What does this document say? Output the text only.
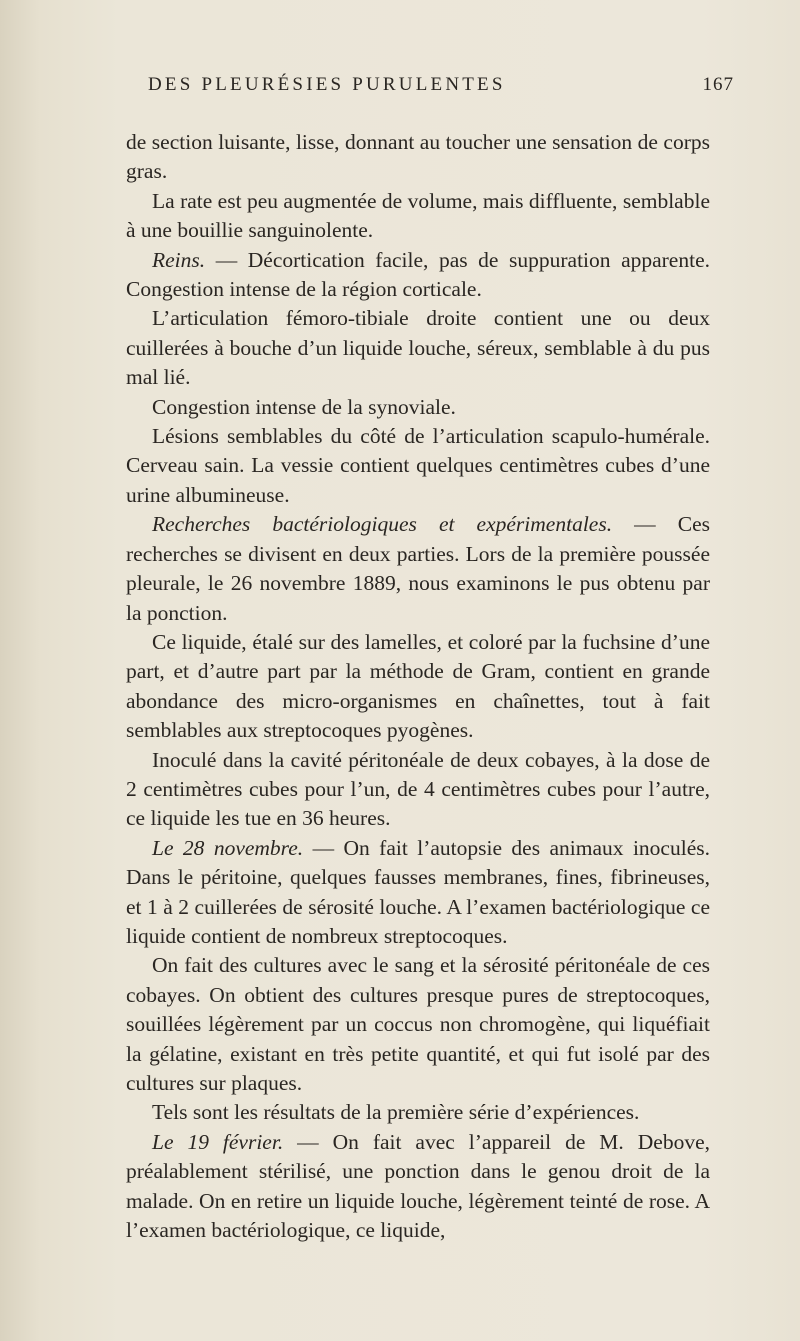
DES PLEURÉSIES PURULENTES	167

de section luisante, lisse, donnant au toucher une sensation de corps gras.

La rate est peu augmentée de volume, mais diffluente, semblable à une bouillie sanguinolente.

Reins. — Décortication facile, pas de suppuration apparente. Congestion intense de la région corticale.

L’articulation fémoro-tibiale droite contient une ou deux cuillerées à bouche d’un liquide louche, séreux, semblable à du pus mal lié.

Congestion intense de la synoviale.

Lésions semblables du côté de l’articulation scapulo-humérale. Cerveau sain. La vessie contient quelques centimètres cubes d’une urine albumineuse.

Recherches bactériologiques et expérimentales. — Ces recherches se divisent en deux parties. Lors de la première poussée pleurale, le 26 novembre 1889, nous examinons le pus obtenu par la ponction.

Ce liquide, étalé sur des lamelles, et coloré par la fuchsine d’une part, et d’autre part par la méthode de Gram, contient en grande abondance des micro-organismes en chaînettes, tout à fait semblables aux streptocoques pyogènes.

Inoculé dans la cavité péritonéale de deux cobayes, à la dose de 2 centimètres cubes pour l’un, de 4 centimètres cubes pour l’autre, ce liquide les tue en 36 heures.

Le 28 novembre. — On fait l’autopsie des animaux inoculés. Dans le péritoine, quelques fausses membranes, fines, fibrineuses, et 1 à 2 cuillerées de sérosité louche. A l’examen bactériologique ce liquide contient de nombreux streptocoques.

On fait des cultures avec le sang et la sérosité péritonéale de ces cobayes. On obtient des cultures presque pures de streptocoques, souillées légèrement par un coccus non chromogène, qui liquéfiait la gélatine, existant en très petite quantité, et qui fut isolé par des cultures sur plaques.

Tels sont les résultats de la première série d’expériences.

Le 19 février. — On fait avec l’appareil de M. Debove, préalablement stérilisé, une ponction dans le genou droit de la malade. On en retire un liquide louche, légèrement teinté de rose. A l’examen bactériologique, ce liquide,
